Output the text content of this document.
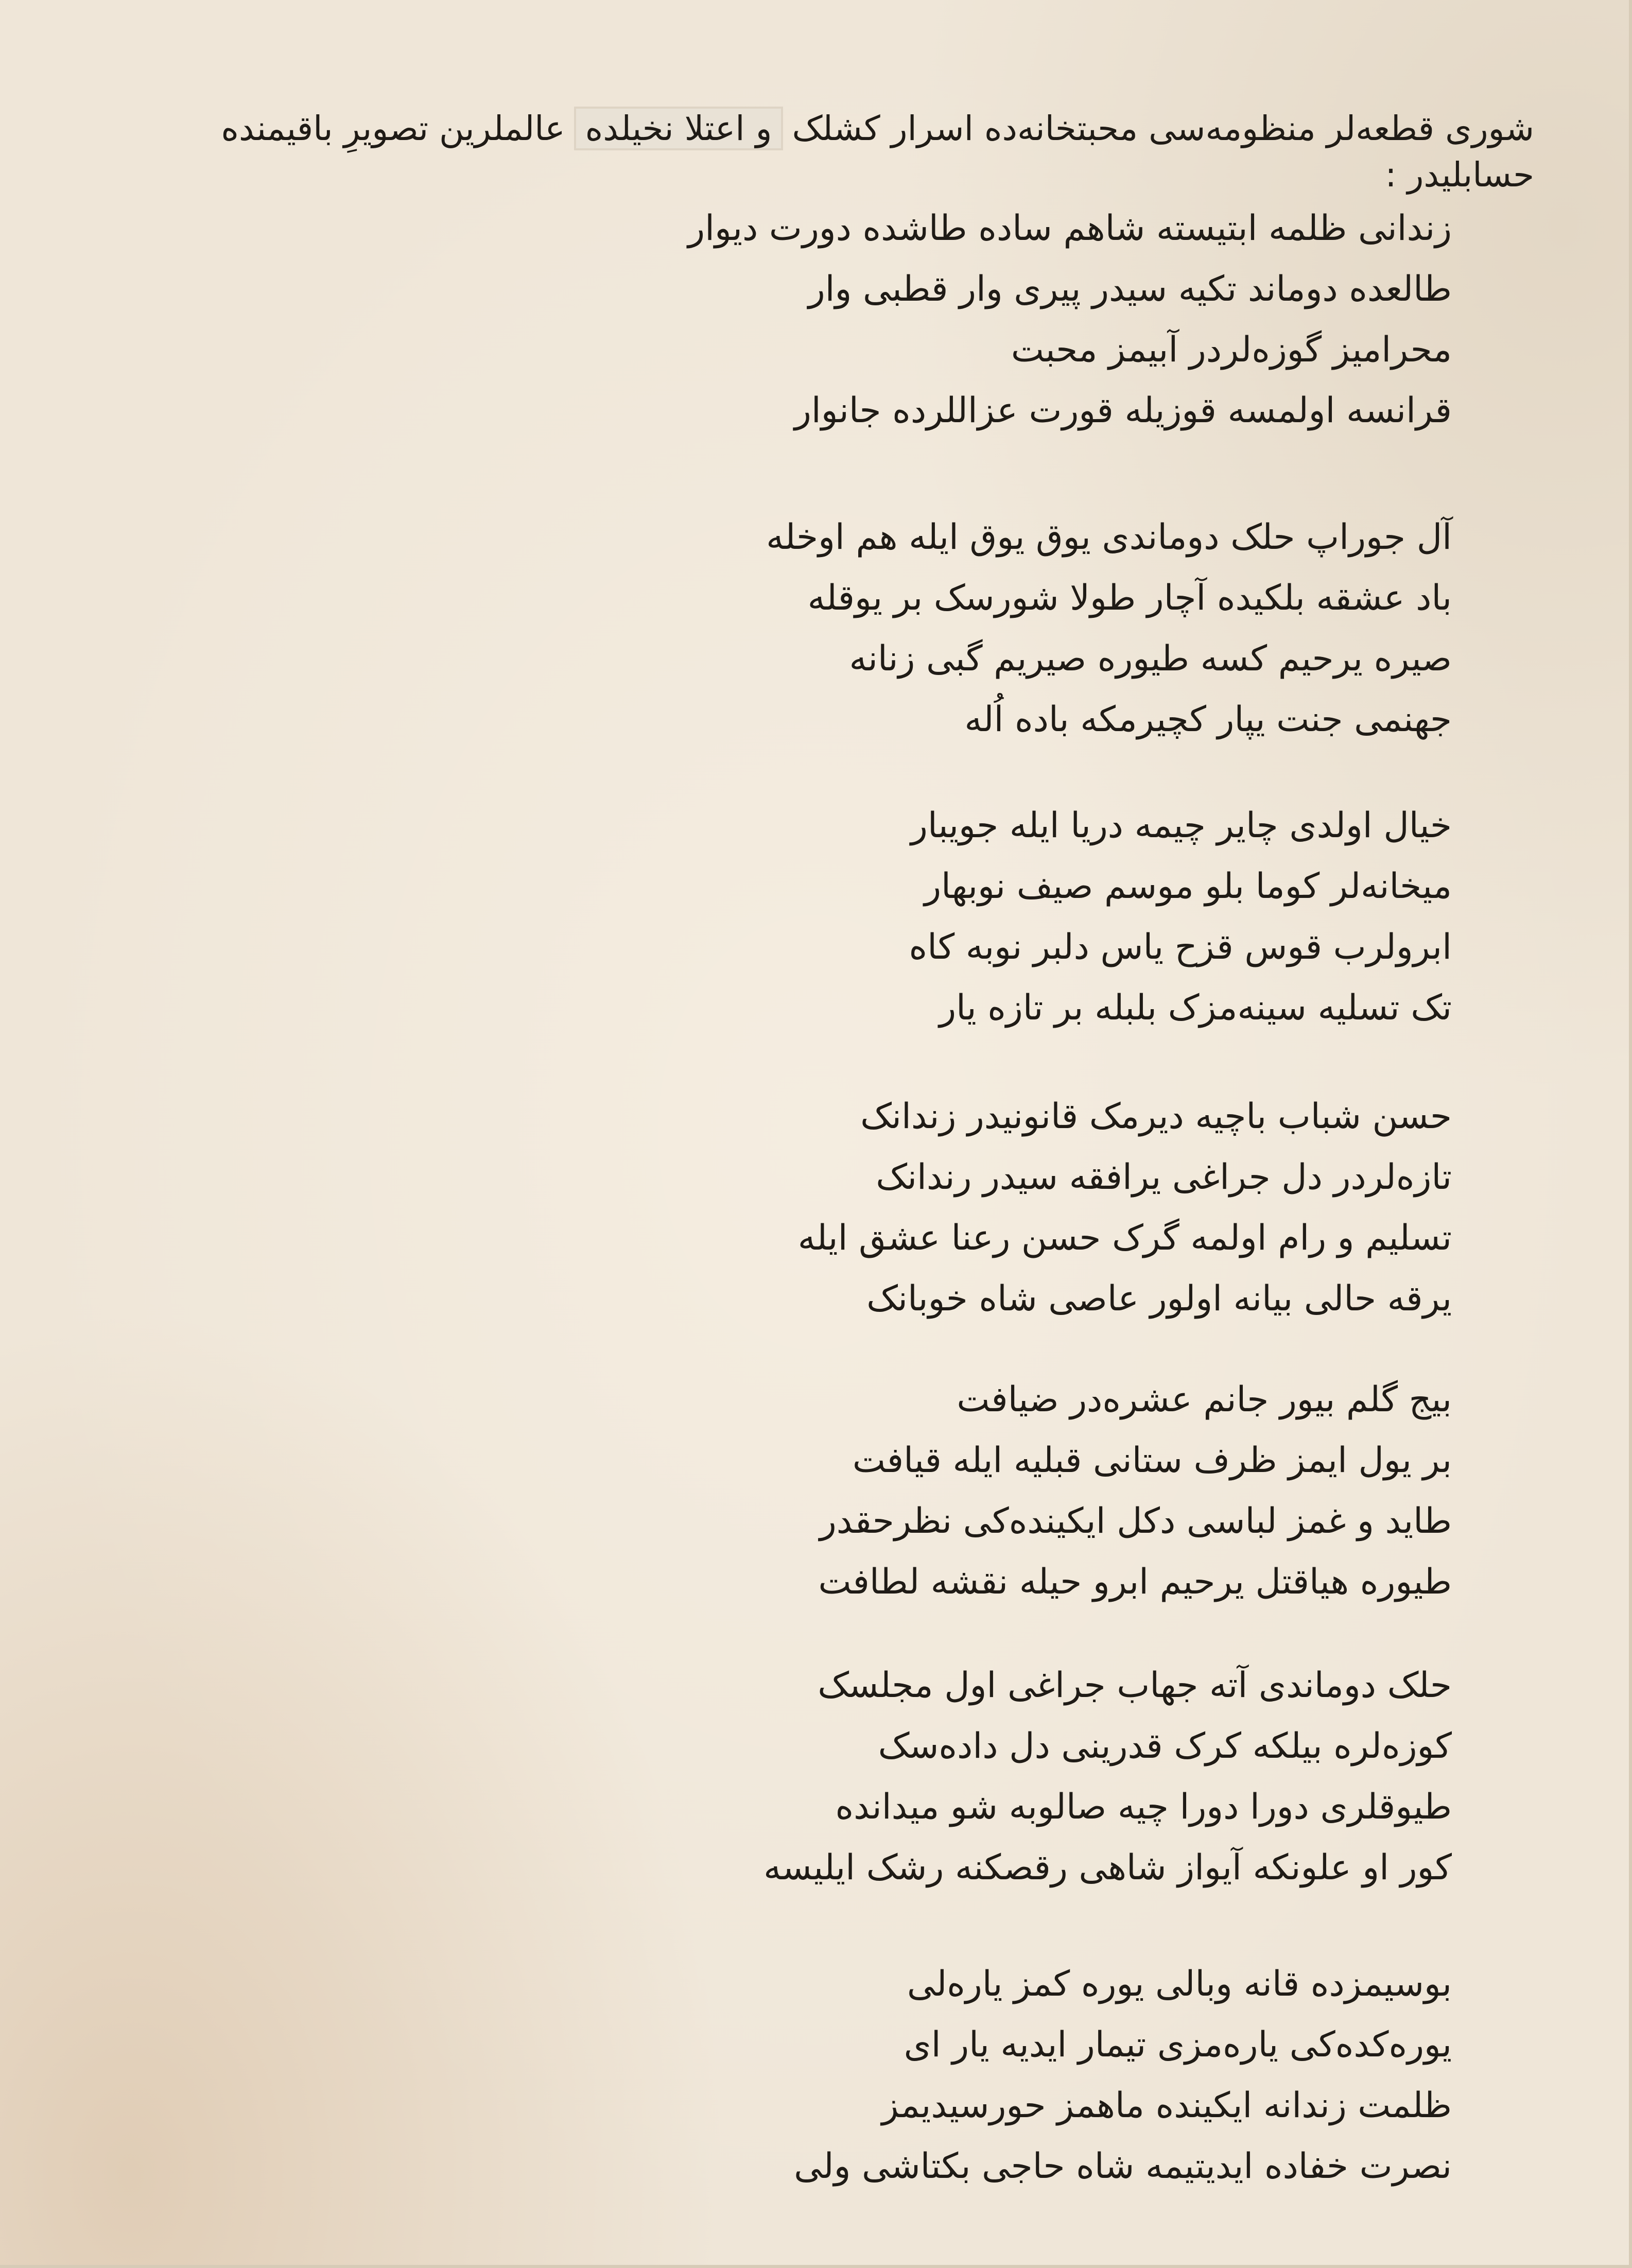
شوری قطعه‌لر منظومه‌سی محبتخانه‌ده اسرار کشلک و اعتلا نخیلده عالملرین تصویرِ باقیمنده
حسابلیدر :
زندانی ظلمه ابتیسته شاهم ساده طاشده دورت دیوار
طالعده دوماند تکیه سیدر پیری وار قطبی وار
محرامیز گوزه‌لردر آبیمز محبت
قرانسه اولمسه قوزیله قورت عزاللرده جانوار
آل جوراپ حلک دوماندی یوق یوق ایله هم اوخله
باد عشقه بلکیده آچار طولا شورسک بر یوقله
صیره یرحیم کسه طیوره صیریم گبی زنانه
جهنمی جنت یپار کچیرمکه باده اُله
خیال اولدی چایر چیمه دریا ایله جویبار
میخانه‌لر کوما بلو موسم صیف نوبهار
ابرولرب قوس قزح یاس دلبر نوبه کاه
تک تسلیه سینه‌مزک بلبله بر تازه یار
حسن شباب باچیه دیرمک قانونیدر زندانک
تازه‌لردر دل جراغی یرافقه سیدر رندانک
تسلیم و رام اولمه گرک حسن رعنا عشق ایله
یرقه حالی بیانه اولور عاصی شاه خوبانک
بیج گلم بیور جانم عشره‌در ضیافت
بر یول ایمز ظرف ستانی قبلیه ایله قیافت
طاید و غمز لباسی دکل ایکینده‌کی نظرحقدر
طیوره هیاقتل یرحیم ابرو حیله نقشه لطافت
حلک دوماندی آته جهاب جراغی اول مجلسک
کوزه‌لره بیلکه کرک قدرینی دل داده‌سک
طیوقلری دورا دورا چیه صالوبه شو میدانده
کور او علونکه آیواز شاهی رقصکنه رشک ایلیسه
بوسیمزده قانه وبالی یوره کمز یاره‌لی
یوره‌کده‌کی یاره‌مزی تیمار ایدیه یار ای
ظلمت زندانه ایکینده ماهمز حورسیدیمز
نصرت خفاده ایدیتیمه شاه حاجی بکتاشی ولی
